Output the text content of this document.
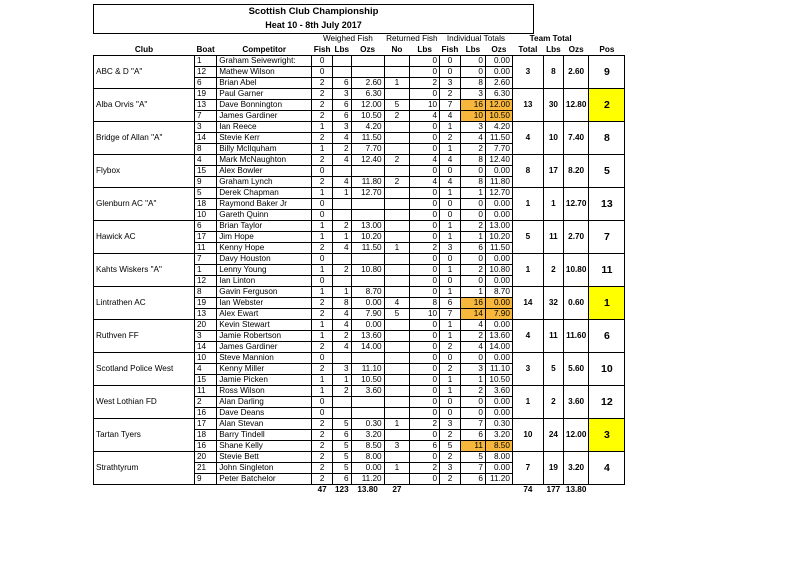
Scottish Club Championship
Heat 10 - 8th July 2017
			Weighed Fish			Returned Fish		Individual Totals			Team Total			
Club	Boat	Competitor	Fish	Lbs	Ozs	No	Lbs	Fish	Lbs	Ozs	Total	Lbs	Ozs	Pos
ABC & D "A"	1	Graham Seivewright:	0				0	0	0	0.00	3	8	2.60	9
	12	Mathew Wilson	0				0	0	0	0.00				
	6	Brian Abel	2	6	2.60	1	2	3	8	2.60				
Alba Orvis "A"	19	Paul Garner	2	3	6.30		0	2	3	6.30	13	30	12.80	2
	13	Dave Bonnington	2	6	12.00	5	10	7	16	12.00				
	7	James Gardiner	2	6	10.50	2	4	4	10	10.50				
Bridge of Allan "A"	3	Ian Reece	1	3	4.20		0	1	3	4.20	4	10	7.40	8
	14	Stevie Kerr	2	4	11.50		0	2	4	11.50				
	8	Billy McIlquham	1	2	7.70		0	1	2	7.70				
Flybox	4	Mark McNaughton	2	4	12.40	2	4	4	8	12.40	8	17	8.20	5
	15	Alex Bowler	0				0	0	0	0.00				
	9	Graham Lynch	2	4	11.80	2	4	4	8	11.80				
Glenburn AC "A"	5	Derek Chapman	1	1	12.70		0	1	1	12.70	1	1	12.70	13
	18	Raymond Baker Jr	0				0	0	0	0.00				
	10	Gareth Quinn	0				0	0	0	0.00				
Hawick AC	6	Brian Taylor	1	2	13.00		0	1	2	13.00	5	11	2.70	7
	17	Jim Hope	1	1	10.20		0	1	1	10.20				
	11	Kenny Hope	2	4	11.50	1	2	3	6	11.50				
Kahts Wiskers "A"	7	Davy Houston	0				0	0	0	0.00	1	2	10.80	11
	1	Lenny Young	1	2	10.80		0	1	2	10.80				
	12	Ian Linton	0				0	0	0	0.00				
Lintrathen AC	8	Gavin Ferguson	1	1	8.70		0	1	1	8.70	14	32	0.60	1
	19	Ian Webster	2	8	0.00	4	8	6	16	0.00				
	13	Alex Ewart	2	4	7.90	5	10	7	14	7.90				
Ruthven FF	20	Kevin Stewart	1	4	0.00		0	1	4	0.00	4	11	11.60	6
	3	Jamie Robertson	1	2	13.60		0	1	2	13.60				
	14	James Gardiner	2	4	14.00		0	2	4	14.00				
Scotland Police West	10	Steve Mannion	0				0	0	0	0.00	3	5	5.60	10
	4	Kenny Miller	2	3	11.10		0	2	3	11.10				
	15	Jamie Picken	1	1	10.50		0	1	1	10.50				
West Lothian FD	11	Ross Wilson	1	2	3.60		0	1	2	3.60	1	2	3.60	12
	2	Alan Darling	0				0	0	0	0.00				
	16	Dave Deans	0				0	0	0	0.00				
Tartan Tyers	17	Alan Stevan	2	5	0.30	1	2	3	7	0.30	10	24	12.00	3
	18	Barry Tindell	2	6	3.20		0	2	6	3.20				
	16	Shane Kelly	2	5	8.50	3	6	5	11	8.50				
Strathtyrum	20	Stevie Bett	2	5	8.00		0	2	5	8.00	7	19	3.20	4
	21	John Singleton	2	5	0.00	1	2	3	7	0.00				
	9	Peter Batchelor	2	6	11.20		0	2	6	11.20				
			47	123	13.80	27					74	177	13.80	
